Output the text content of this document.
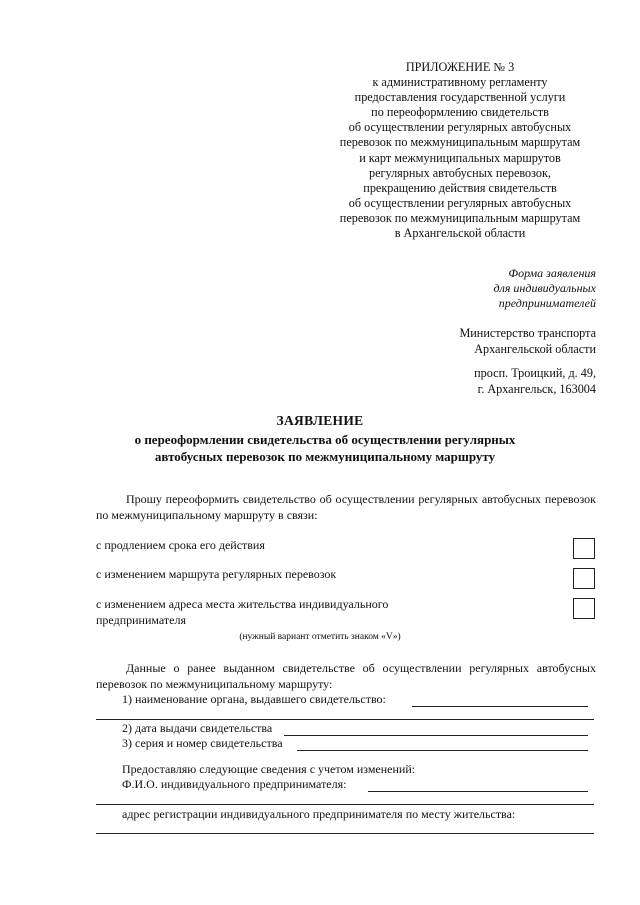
ПРИЛОЖЕНИЕ № 3
к административному регламенту
предоставления государственной услуги
по переоформлению свидетельств
об осуществлении регулярных автобусных
перевозок по межмуниципальным маршрутам
и карт межмуниципальных маршрутов
регулярных автобусных перевозок,
прекращению действия свидетельств
об осуществлении регулярных автобусных
перевозок по межмуниципальным маршрутам
в Архангельской области
Форма заявления
для индивидуальных
предпринимателей
Министерство транспорта
Архангельской области
просп. Троицкий, д. 49,
г. Архангельск, 163004
ЗАЯВЛЕНИЕ
о переоформлении свидетельства об осуществлении регулярных
автобусных перевозок по межмуниципальному маршруту
Прошу переоформить свидетельство об осуществлении регулярных автобусных перевозок по межмуниципальному маршруту в связи:
с продлением срока его действия
с изменением маршрута регулярных перевозок
с изменением адреса места жительства индивидуального предпринимателя
(нужный вариант отметить знаком «V»)
Данные о ранее выданном свидетельстве об осуществлении регулярных автобусных перевозок по межмуниципальному маршруту:
1) наименование органа, выдавшего свидетельство:
2) дата выдачи свидетельства
3) серия и номер свидетельства
Предоставляю следующие сведения с учетом изменений:
Ф.И.О. индивидуального предпринимателя:
адрес регистрации индивидуального предпринимателя по месту жительства:
